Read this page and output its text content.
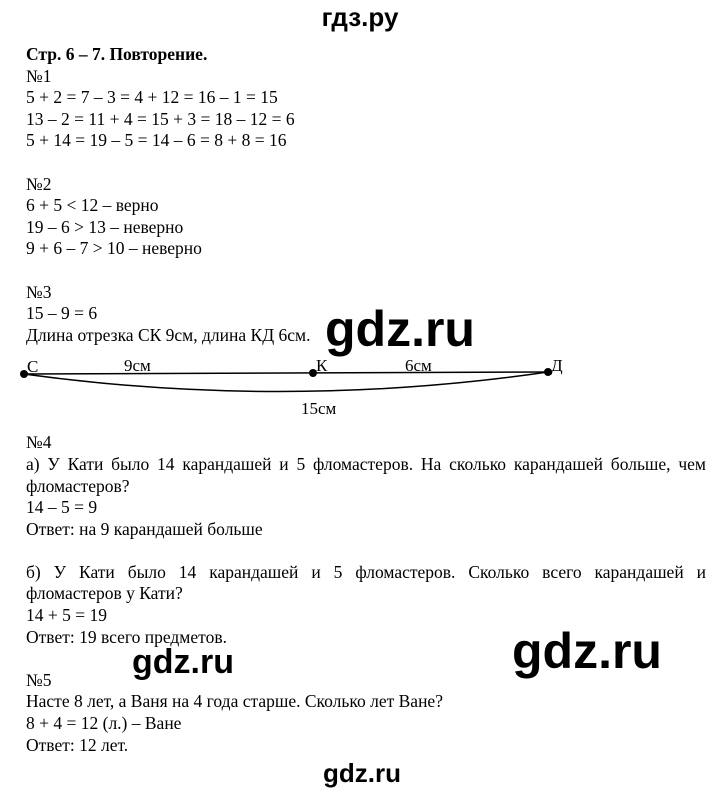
гдз.ру
Стр. 6 – 7. Повторение.
№1
5 + 2 = 7 – 3 = 4 + 12 = 16 – 1 = 15
13 – 2 = 11 + 4 = 15 + 3 = 18 – 12 = 6
5 + 14 = 19 – 5 = 14 – 6 = 8 + 8 = 16
№2
6 + 5 < 12 – верно
19 – 6 > 13 – неверно
9 + 6 – 7 > 10 – неверно
№3
15 – 9 = 6
Длина отрезка СК 9см, длина КД 6см.
№4
а) У Кати было 14 карандашей и 5 фломастеров. На сколько карандашей больше, чем
фломастеров?
14 – 5 = 9
Ответ: на 9 карандашей больше
б) У Кати было 14 карандашей и 5 фломастеров. Сколько всего карандашей и
фломастеров у Кати?
14 + 5 = 19
Ответ: 19 всего предметов.
№5
Насте 8 лет, а Ваня на 4 года старше. Сколько лет Ване?
8 + 4 = 12 (л.) – Ване
Ответ: 12 лет.
С	К	Д
9см	6см
15см
gdz.ru
gdz.ru
gdz.ru
gdz.ru
